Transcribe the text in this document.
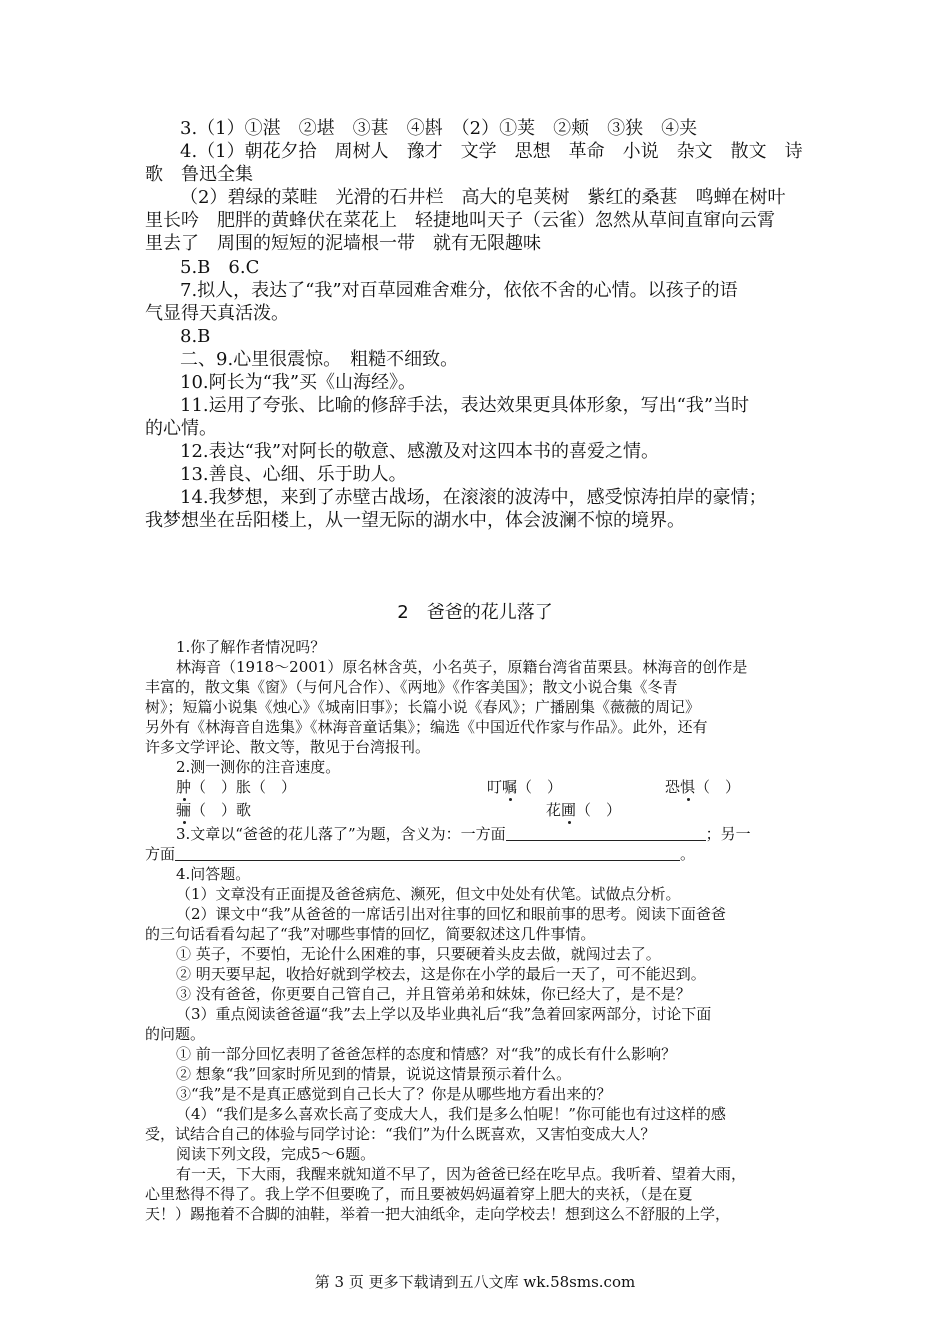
3.（1）①湛　②堪　③葚　④斟　（2）①荚　②颊　③狭　④夹
4.（1）朝花夕拾　周树人　豫才　文学　思想　革命　小说　杂文　散文　诗
歌　鲁迅全集
（2）碧绿的菜畦　光滑的石井栏　高大的皂荚树　紫红的桑葚　鸣蝉在树叶
里长吟　肥胖的黄蜂伏在菜花上　轻捷地叫天子（云雀）忽然从草间直窜向云霄
里去了　周围的短短的泥墙根一带　就有无限趣味
5.B　6.C
7.拟人，表达了“我”对百草园难舍难分，依依不舍的心情。以孩子的语
气显得天真活泼。
8.B
二、9.心里很震惊。　粗糙不细致。
10.阿长为“我”买《山海经》。
11.运用了夸张、比喻的修辞手法，表达效果更具体形象，写出“我”当时
的心情。
12.表达“我”对阿长的敬意、感激及对这四本书的喜爱之情。
13.善良、心细、乐于助人。
14.我梦想，来到了赤壁古战场，在滚滚的波涛中，感受惊涛拍岸的豪情；
我梦想坐在岳阳楼上，从一望无际的湖水中，体会波澜不惊的境界。
2　爸爸的花儿落了
1.你了解作者情况吗？
林海音（1918～2001）原名林含英，小名英子，原籍台湾省苗栗县。林海音的创作是
丰富的，散文集《窗》（与何凡合作）、《两地》《作客美国》；散文小说合集《冬青
树》；短篇小说集《烛心》《城南旧事》；长篇小说《春风》；广播剧集《薇薇的周记》
另外有《林海音自选集》《林海音童话集》；编选《中国近代作家与作品》。此外，还有
许多文学评论、散文等，散见于台湾报刊。
2.测一测你的注音速度。
肿（　）胀（　）	叮嘱（　）	恐惧（　）
骊（　）歌	花圃（　）
3.文章以“爸爸的花儿落了”为题，含义为：一方面	；另一
方面	。
4.问答题。
（1）文章没有正面提及爸爸病危、濒死，但文中处处有伏笔。试做点分析。
（2）课文中“我”从爸爸的一席话引出对往事的回忆和眼前事的思考。阅读下面爸爸
的三句话看看勾起了“我”对哪些事情的回忆，简要叙述这几件事情。
① 英子，不要怕，无论什么困难的事，只要硬着头皮去做，就闯过去了。
② 明天要早起，收拾好就到学校去，这是你在小学的最后一天了，可不能迟到。
③ 没有爸爸，你更要自己管自己，并且管弟弟和妹妹，你已经大了，是不是？
（3）重点阅读爸爸逼“我”去上学以及毕业典礼后“我”急着回家两部分，讨论下面
的问题。
① 前一部分回忆表明了爸爸怎样的态度和情感？对“我”的成长有什么影响？
② 想象“我”回家时所见到的情景，说说这情景预示着什么。
③“我”是不是真正感觉到自己长大了？你是从哪些地方看出来的？
（4）“我们是多么喜欢长高了变成大人，我们是多么怕呢！”你可能也有过这样的感
受，试结合自己的体验与同学讨论：“我们”为什么既喜欢，又害怕变成大人？
阅读下列文段，完成5～6题。
有一天，下大雨，我醒来就知道不早了，因为爸爸已经在吃早点。我听着、望着大雨，
心里愁得不得了。我上学不但要晚了，而且要被妈妈逼着穿上肥大的夹袄，（是在夏
天！）踢拖着不合脚的油鞋，举着一把大油纸伞，走向学校去！想到这么不舒服的上学，
第 3 页 更多下载请到五八文库 wk.58sms.com
